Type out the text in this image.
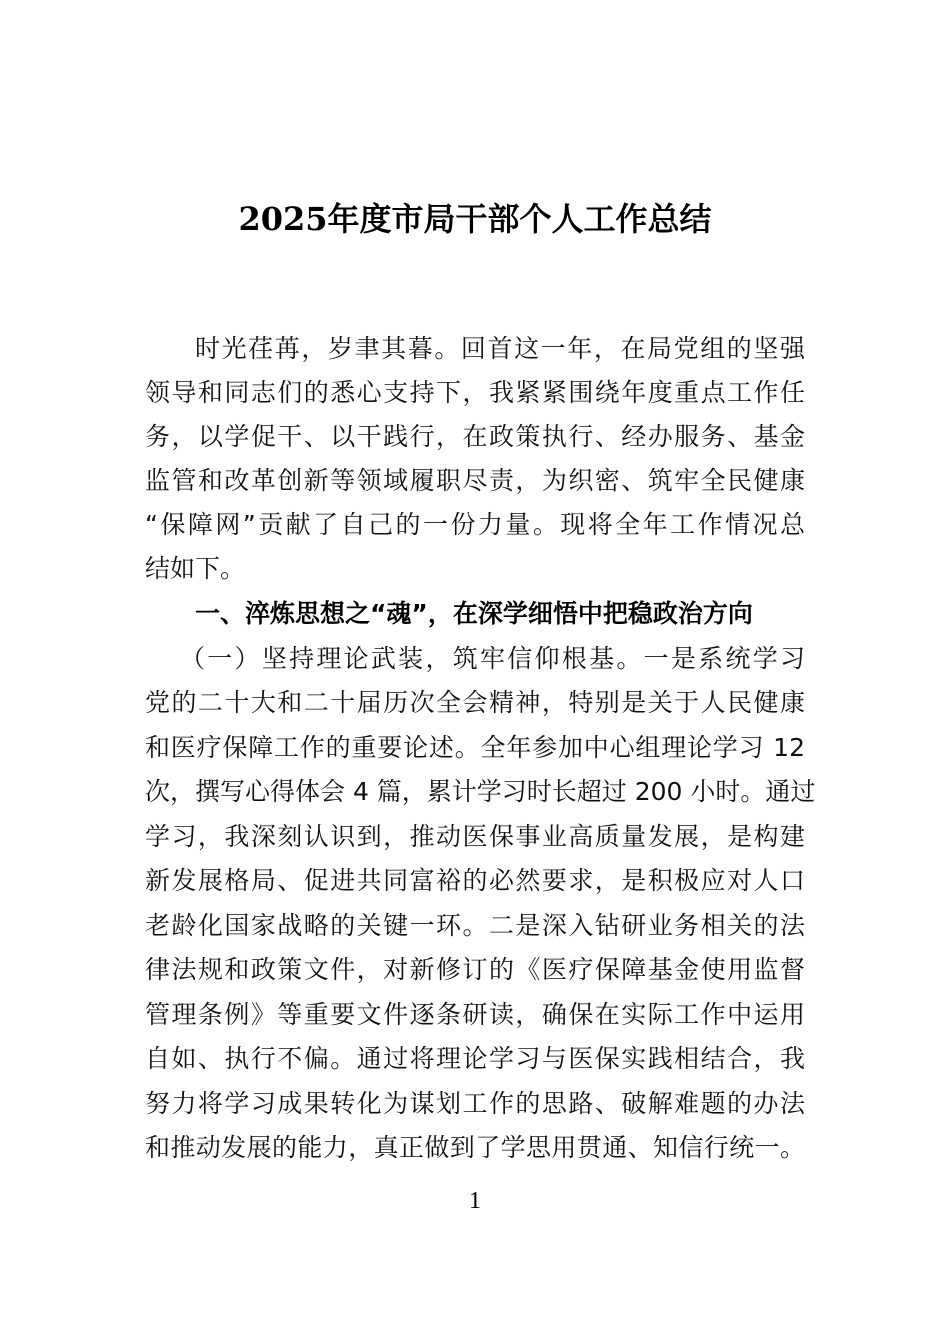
2025年度市局干部个人工作总结
时光荏苒，岁聿其暮。回首这一年，在局党组的坚强
领导和同志们的悉心支持下，我紧紧围绕年度重点工作任
务，以学促干、以干践行，在政策执行、经办服务、基金
监管和改革创新等领域履职尽责，为织密、筑牢全民健康
“保障网”贡献了自己的一份力量。现将全年工作情况总
结如下。
一、淬炼思想之“魂”，在深学细悟中把稳政治方向
（一）坚持理论武装，筑牢信仰根基。一是系统学习
党的二十大和二十届历次全会精神，特别是关于人民健康
和医疗保障工作的重要论述。全年参加中心组理论学习 12
次，撰写心得体会 4 篇，累计学习时长超过 200 小时。通过
学习，我深刻认识到，推动医保事业高质量发展，是构建
新发展格局、促进共同富裕的必然要求，是积极应对人口
老龄化国家战略的关键一环。二是深入钻研业务相关的法
律法规和政策文件，对新修订的《医疗保障基金使用监督
管理条例》等重要文件逐条研读，确保在实际工作中运用
自如、执行不偏。通过将理论学习与医保实践相结合，我
努力将学习成果转化为谋划工作的思路、破解难题的办法
和推动发展的能力，真正做到了学思用贯通、知信行统一。
1
